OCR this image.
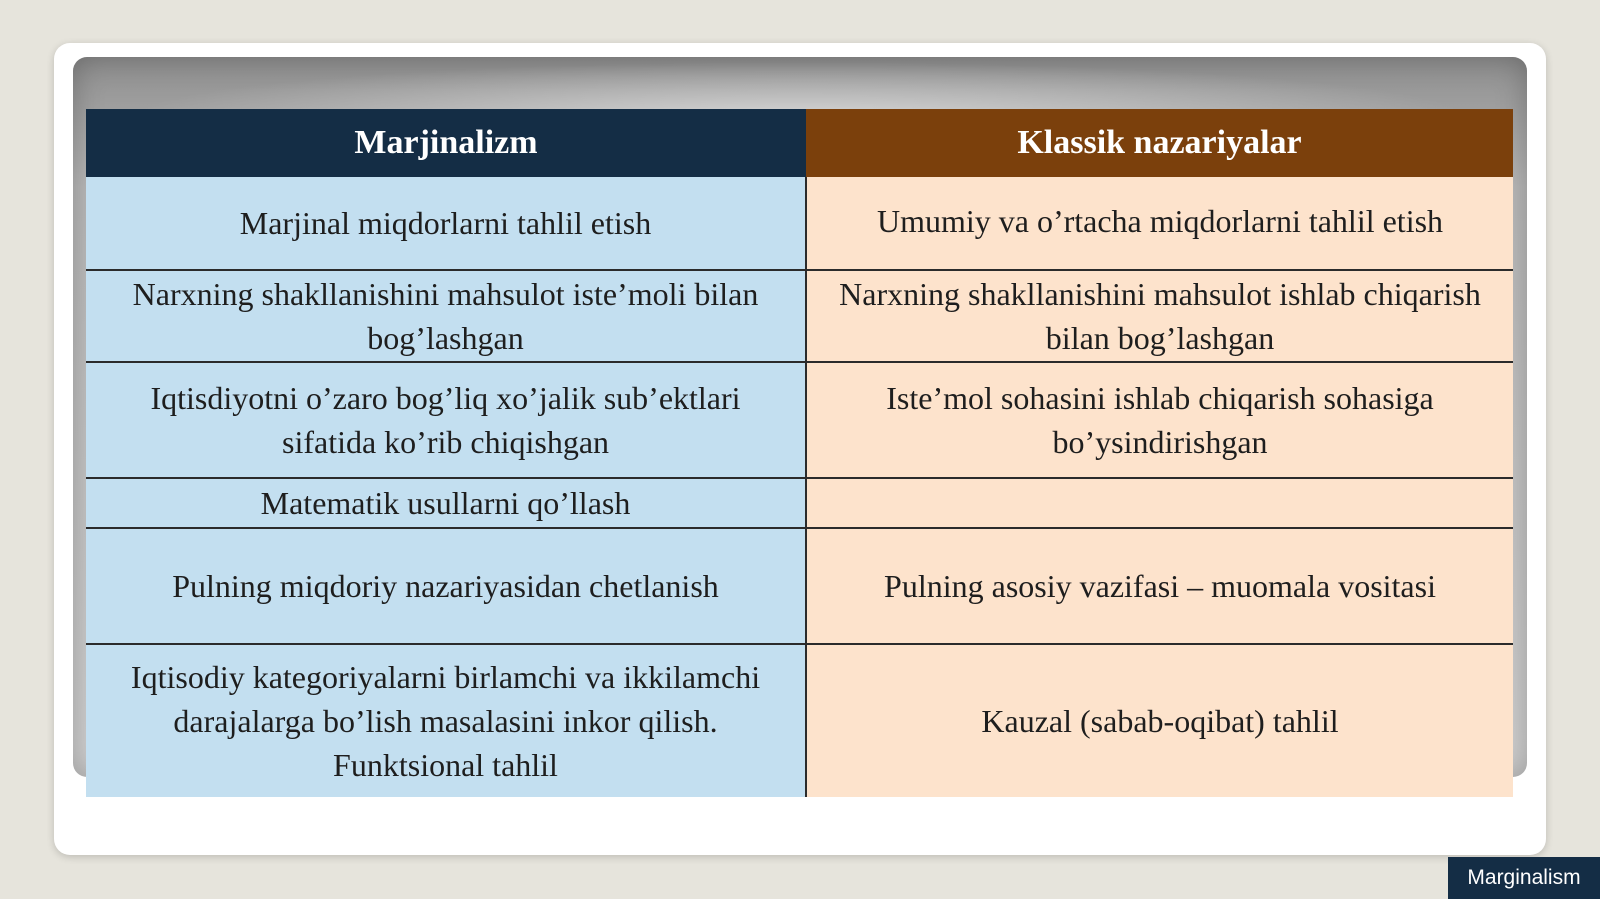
Marjinalizm	Klassik nazariyalar
Marjinal miqdorlarni tahlil etish	Umumiy va o’rtacha miqdorlarni tahlil etish

Narxning shakllanishini mahsulot iste’moli bilan bog’lashgan	Narxning shakllanishini mahsulot ishlab chiqarish bilan bog’lashgan
Iqtisdiyotni o’zaro bog’liq xo’jalik sub’ektlari sifatida ko’rib chiqishgan	Iste’mol sohasini ishlab chiqarish sohasiga bo’ysindirishgan
Matematik usullarni qo’llash	
Pulning miqdoriy nazariyasidan chetlanish	Pulning asosiy vazifasi – muomala vositasi
Iqtisodiy kategoriyalarni birlamchi va ikkilamchi darajalarga bo’lish masalasini inkor qilish. Funktsional tahlil	Kauzal (sabab-oqibat) tahlil
Marginalism
